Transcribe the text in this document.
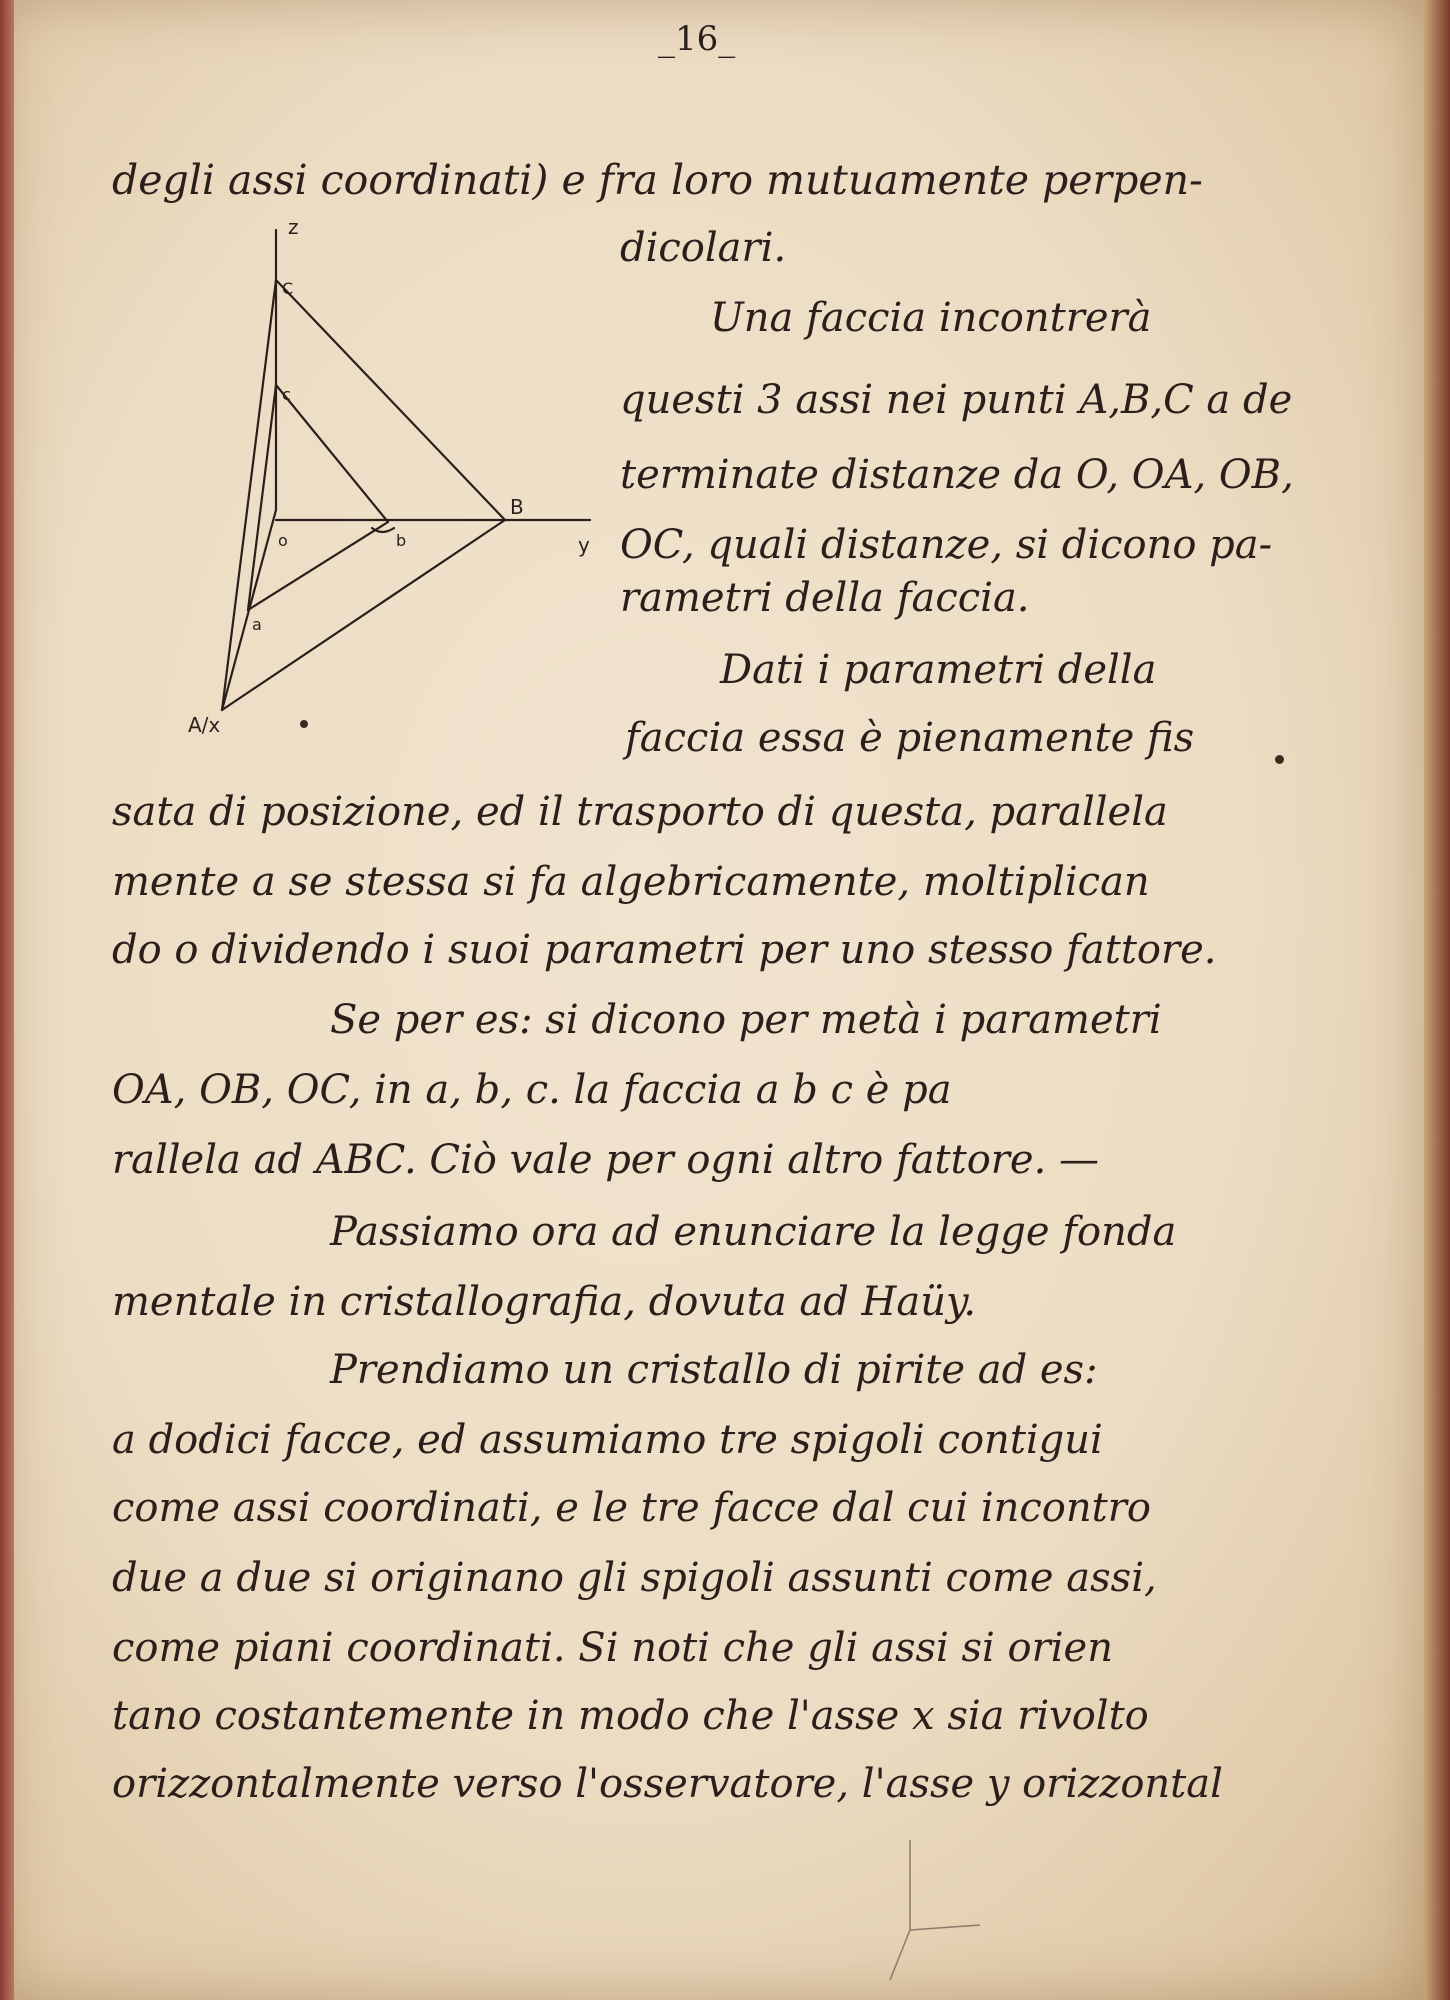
_16_
z
C
c
B
o	b	y
a
A/x
degli assi coordinati) e fra loro mutuamente perpen-
dicolari.
Una faccia incontrerà
questi 3 assi nei punti A,B,C a de
terminate distanze da O, OA, OB,
OC, quali distanze, si dicono pa-
rametri della faccia.
Dati i parametri della
faccia essa è pienamente fis
sata di posizione, ed il trasporto di questa, parallela
mente a se stessa si fa algebricamente, moltiplican
do o dividendo i suoi parametri per uno stesso fattore.
Se per es: si dicono per metà i parametri
OA, OB, OC, in a, b, c. la faccia a b c è pa
rallela ad ABC. Ciò vale per ogni altro fattore. —
Passiamo ora ad enunciare la legge fonda
mentale in cristallografia, dovuta ad Haüy.
Prendiamo un cristallo di pirite ad es:
a dodici facce, ed assumiamo tre spigoli contigui
come assi coordinati, e le tre facce dal cui incontro
due a due si originano gli spigoli assunti come assi,
come piani coordinati. Si noti che gli assi si orien
tano costantemente in modo che l'asse x sia rivolto
orizzontalmente verso l'osservatore, l'asse y orizzontal
